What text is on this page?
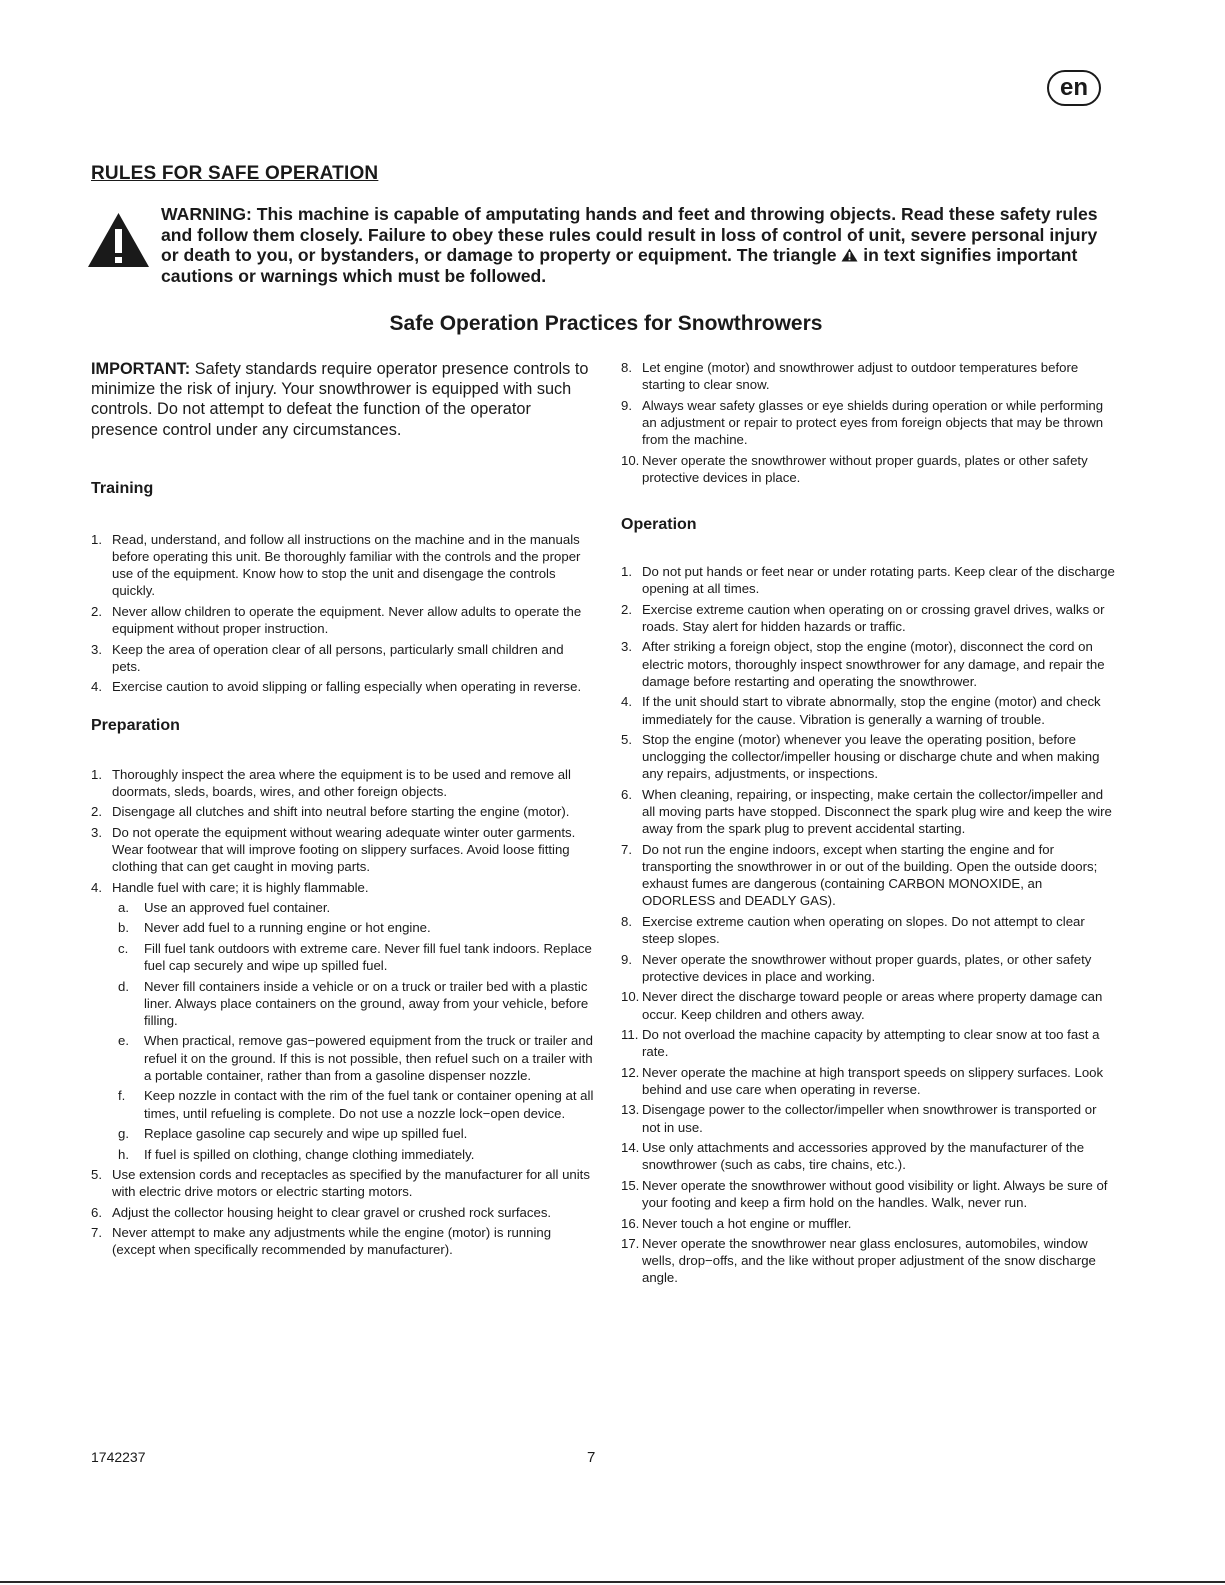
en
RULES FOR SAFE OPERATION

WARNING: This machine is capable of amputating hands and feet and throwing objects. Read these safety rules and follow them closely. Failure to obey these rules could result in loss of control of unit, severe personal injury or death to you, or bystanders, or damage to property or equipment. The triangle  in text signifies important cautions or warnings which must be followed.

Safe Operation Practices for Snowthrowers

IMPORTANT: Safety standards require operator presence controls to minimize the risk of injury. Your snowthrower is equipped with such controls. Do not attempt to defeat the function of the operator presence control under any circumstances.

Training
1. Read, understand, and follow all instructions on the machine and in the manuals before operating this unit. Be thoroughly familiar with the controls and the proper use of the equipment. Know how to stop the unit and disengage the controls quickly.
2. Never allow children to operate the equipment. Never allow adults to operate the equipment without proper instruction.
3. Keep the area of operation clear of all persons, particularly small children and pets.
4. Exercise caution to avoid slipping or falling especially when operating in reverse.
Preparation
1. Thoroughly inspect the area where the equipment is to be used and remove all doormats, sleds, boards, wires, and other foreign objects.
2. Disengage all clutches and shift into neutral before starting the engine (motor).
3. Do not operate the equipment without wearing adequate winter outer garments. Wear footwear that will improve footing on slippery surfaces. Avoid loose fitting clothing that can get caught in moving parts.
4. Handle fuel with care; it is highly flammable.
a. Use an approved fuel container.
b. Never add fuel to a running engine or hot engine.
c. Fill fuel tank outdoors with extreme care. Never fill fuel tank indoors. Replace fuel cap securely and wipe up spilled fuel.
d. Never fill containers inside a vehicle or on a truck or trailer bed with a plastic liner. Always place containers on the ground, away from your vehicle, before filling.
e. When practical, remove gas−powered equipment from the truck or trailer and refuel it on the ground. If this is not possible, then refuel such on a trailer with a portable container, rather than from a gasoline dispenser nozzle.
f. Keep nozzle in contact with the rim of the fuel tank or container opening at all times, until refueling is complete. Do not use a nozzle lock−open device.
g. Replace gasoline cap securely and wipe up spilled fuel.
h. If fuel is spilled on clothing, change clothing immediately.
5. Use extension cords and receptacles as specified by the manufacturer for all units with electric drive motors or electric starting motors.
6. Adjust the collector housing height to clear gravel or crushed rock surfaces.
7. Never attempt to make any adjustments while the engine (motor) is running (except when specifically recommended by manufacturer).
8. Let engine (motor) and snowthrower adjust to outdoor temperatures before starting to clear snow.
9. Always wear safety glasses or eye shields during operation or while performing an adjustment or repair to protect eyes from foreign objects that may be thrown from the machine.
10. Never operate the snowthrower without proper guards, plates or other safety protective devices in place.
Operation
1. Do not put hands or feet near or under rotating parts. Keep clear of the discharge opening at all times.
2. Exercise extreme caution when operating on or crossing gravel drives, walks or roads. Stay alert for hidden hazards or traffic.
3. After striking a foreign object, stop the engine (motor), disconnect the cord on electric motors, thoroughly inspect snowthrower for any damage, and repair the damage before restarting and operating the snowthrower.
4. If the unit should start to vibrate abnormally, stop the engine (motor) and check immediately for the cause. Vibration is generally a warning of trouble.
5. Stop the engine (motor) whenever you leave the operating position, before unclogging the collector/impeller housing or discharge chute and when making any repairs, adjustments, or inspections.
6. When cleaning, repairing, or inspecting, make certain the collector/impeller and all moving parts have stopped. Disconnect the spark plug wire and keep the wire away from the spark plug to prevent accidental starting.
7. Do not run the engine indoors, except when starting the engine and for transporting the snowthrower in or out of the building. Open the outside doors; exhaust fumes are dangerous (containing CARBON MONOXIDE, an ODORLESS and DEADLY GAS).
8. Exercise extreme caution when operating on slopes. Do not attempt to clear steep slopes.
9. Never operate the snowthrower without proper guards, plates, or other safety protective devices in place and working.
10. Never direct the discharge toward people or areas where property damage can occur. Keep children and others away.
11. Do not overload the machine capacity by attempting to clear snow at too fast a rate.
12. Never operate the machine at high transport speeds on slippery surfaces. Look behind and use care when operating in reverse.
13. Disengage power to the collector/impeller when snowthrower is transported or not in use.
14. Use only attachments and accessories approved by the manufacturer of the snowthrower (such as cabs, tire chains, etc.).
15. Never operate the snowthrower without good visibility or light. Always be sure of your footing and keep a firm hold on the handles. Walk, never run.
16. Never touch a hot engine or muffler.
17. Never operate the snowthrower near glass enclosures, automobiles, window wells, drop−offs, and the like without proper adjustment of the snow discharge angle.
1742237	7
